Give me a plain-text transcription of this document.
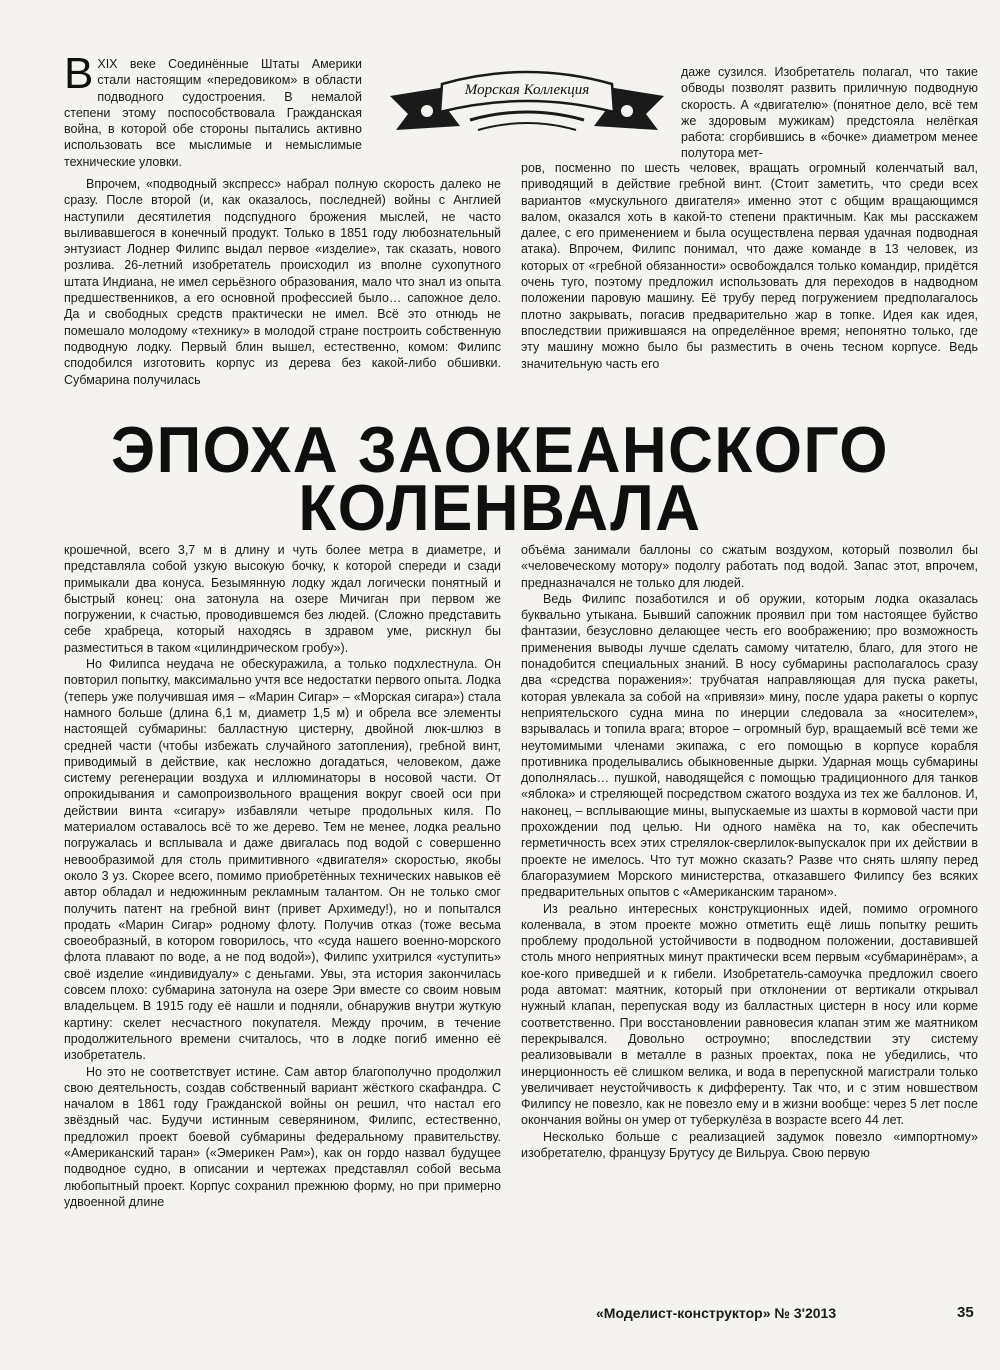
Морская Коллекция

ВXIX веке Соединённые Штаты Америки стали настоящим «передовиком» в области подводного судостроения. В немалой степени этому поспособствовала Гражданская война, в которой обе стороны пытались активно использовать все мыслимые и немыслимые технические уловки.

Впрочем, «подводный экспресс» набрал полную скорость далеко не сразу. После второй (и, как оказалось, последней) войны с Англией наступили десятилетия подспудного брожения мыслей, не часто выливавшегося в конечный продукт. Только в 1851 году любознательный энтузиаст Лоднер Филипс выдал первое «изделие», так сказать, нового розлива. 26-летний изобретатель происходил из вполне сухопутного штата Индиана, не имел серьёзного образования, мало что знал из опыта предшественников, а его основной профессией было… сапожное дело. Да и свободных средств практически не имел. Всё это отнюдь не помешало молодому «технику» в молодой стране построить собственную подводную лодку. Первый блин вышел, естественно, комом: Филипс сподобился изготовить корпус из дерева без какой-либо обшивки. Субмарина получилась

даже сузился. Изобретатель полагал, что такие обводы позволят развить приличную подводную скорость. А «двигателю» (понятное дело, всё тем же здоровым мужикам) предстояла нелёгкая работа: сгорбившись в «бочке» диаметром менее полутора мет-

ров, посменно по шесть человек, вращать огромный коленчатый вал, приводящий в действие гребной винт. (Стоит заметить, что среди всех вариантов «мускульного двигателя» именно этот с общим вращающимся валом, оказался хоть в какой-то степени практичным. Как мы расскажем далее, с его применением и была осуществлена первая удачная подводная атака). Впрочем, Филипс понимал, что даже команде в 13 человек, из которых от «гребной обязанности» освобождался только командир, придётся очень туго, поэтому предложил использовать для переходов в надводном положении паровую машину. Её трубу перед погружением предполагалось плотно закрывать, погасив предварительно жар в топке. Идея как идея, впоследствии прижившаяся на определённое время; непонятно только, где эту машину можно было бы разместить в очень тесном корпусе. Ведь значительную часть его

ЭПОХА ЗАОКЕАНСКОГО
КОЛЕНВАЛА

крошечной, всего 3,7 м в длину и чуть более метра в диаметре, и представляла собой узкую высокую бочку, к которой спереди и сзади примыкали два конуса. Безымянную лодку ждал логически понятный и быстрый конец: она затонула на озере Мичиган при первом же погружении, к счастью, проводившемся без людей. (Сложно представить себе храбреца, который находясь в здравом уме, рискнул бы разместиться в таком «цилиндрическом гробу»).

Но Филипса неудача не обескуражила, а только подхлестнула. Он повторил попытку, максимально учтя все недостатки первого опыта. Лодка (теперь уже получившая имя – «Марин Сигар» – «Морская сигара») стала намного больше (длина 6,1 м, диаметр 1,5 м) и обрела все элементы настоящей субмарины: балластную цистерну, двойной люк-шлюз в средней части (чтобы избежать случайного затопления), гребной винт, приводимый в действие, как несложно догадаться, человеком, даже систему регенерации воздуха и иллюминаторы в носовой части. От опрокидывания и самопроизвольного вращения вокруг своей оси при действии винта «сигару» избавляли четыре продольных киля. По материалом оставалось всё то же дерево. Тем не менее, лодка реально погружалась и всплывала и даже двигалась под водой с совершенно невообразимой для столь примитивного «двигателя» скоростью, якобы около 3 уз. Скорее всего, помимо приобретённых технических навыков её автор обладал и недюжинным рекламным талантом. Он не только смог получить патент на гребной винт (привет Архимеду!), но и попытался продать «Марин Сигар» родному флоту. Получив отказ (тоже весьма своеобразный, в котором говорилось, что «суда нашего военно-морского флота плавают по воде, а не под водой»), Филипс ухитрился «уступить» своё изделие «индивидуалу» с деньгами. Увы, эта история закончилась совсем плохо: субмарина затонула на озере Эри вместе со своим новым владельцем. В 1915 году её нашли и подняли, обнаружив внутри жуткую картину: скелет несчастного покупателя. Между прочим, в течение продолжительного времени считалось, что в лодке погиб именно её изобретатель.

Но это не соответствует истине. Сам автор благополучно продолжил свою деятельность, создав собственный вариант жёсткого скафандра. С началом в 1861 году Гражданской войны он решил, что настал его звёздный час. Будучи истинным северянином, Филипс, естественно, предложил проект боевой субмарины федеральному правительству. «Американский таран» («Эмерикен Рам»), как он гордо назвал будущее подводное судно, в описании и чертежах представлял собой весьма любопытный проект. Корпус сохранил прежнюю форму, но при примерно удвоенной длине

объёма занимали баллоны со сжатым воздухом, который позволил бы «человеческому мотору» подолгу работать под водой. Запас этот, впрочем, предназначался не только для людей.

Ведь Филипс позаботился и об оружии, которым лодка оказалась буквально утыкана. Бывший сапожник проявил при том настоящее буйство фантазии, безусловно делающее честь его воображению; про возможность применения выводы лучше сделать самому читателю, благо, для этого не понадобится специальных знаний. В носу субмарины располагалось сразу два «средства поражения»: трубчатая направляющая для пуска ракеты, которая увлекала за собой на «привязи» мину, после удара ракеты о корпус неприятельского судна мина по инерции следовала за «носителем», взрывалась и топила врага; второе – огромный бур, вращаемый всё теми же неутомимыми членами экипажа, с его помощью в корпусе корабля противника проделывались обыкновенные дырки. Ударная мощь субмарины дополнялась… пушкой, наводящейся с помощью традиционного для танков «яблока» и стреляющей посредством сжатого воздуха из тех же баллонов. И, наконец, – всплывающие мины, выпускаемые из шахты в кормовой части при прохождении под целью. Ни одного намёка на то, как обеспечить герметичность всех этих стрелялок-сверлилок-выпускалок при их действии в проекте не имелось. Что тут можно сказать? Разве что снять шляпу перед благоразумием Морского министерства, отказавшего Филипсу без всяких предварительных опытов с «Американским тараном».

Из реально интересных конструкционных идей, помимо огромного коленвала, в этом проекте можно отметить ещё лишь попытку решить проблему продольной устойчивости в подводном положении, доставившей столь много неприятных минут практически всем первым «субмаринёрам», а кое-кого приведшей и к гибели. Изобретатель-самоучка предложил своего рода автомат: маятник, который при отклонении от вертикали открывал нужный клапан, перепуская воду из балластных цистерн в носу или корме соответственно. При восстановлении равновесия клапан этим же маятником перекрывался. Довольно остроумно; впоследствии эту систему реализовывали в металле в разных проектах, пока не убедились, что инерционность её слишком велика, и вода в перепускной магистрали только увеличивает неустойчивость к дифференту. Так что, и с этим новшеством Филипсу не повезло, как не повезло ему и в жизни вообще: через 5 лет после окончания войны он умер от туберкулёза в возрасте всего 44 лет.

Несколько больше с реализацией задумок повезло «импортному» изобретателю, французу Брутусу де Вильруа. Свою первую

«Моделист-конструктор» № 3'2013	35
